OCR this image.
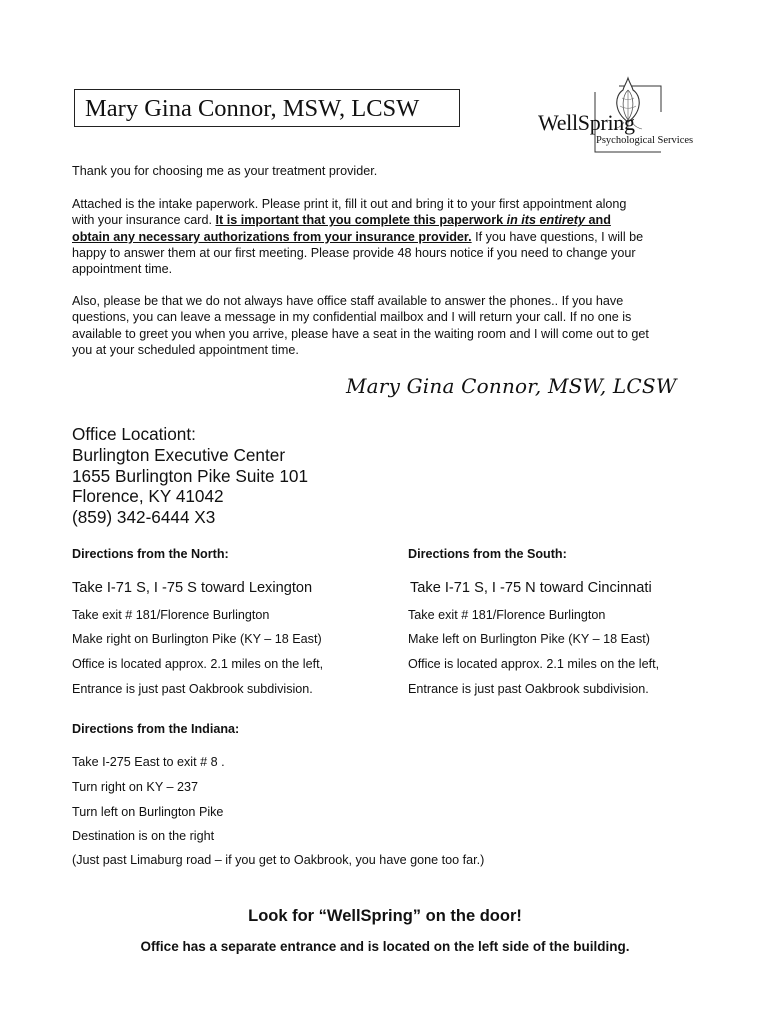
Mary Gina Connor, MSW, LCSW
WellSpring
Psychological Services
Thank you for choosing me as your treatment provider.
Attached is the intake paperwork. Please print it, fill it out and bring it to your first appointment along
with your insurance card. It is important that you complete this paperwork in its entirety and
obtain any necessary authorizations from your insurance provider. If you have questions, I will be
happy to answer them at our first meeting. Please provide 48 hours notice if you need to change your
appointment time.
Also, please be that we do not always have office staff available to answer the phones.. If you have
questions, you can leave a message in my confidential mailbox and I will return your call. If no one is
available to greet you when you arrive, please have a seat in the waiting room and I will come out to get
you at your scheduled appointment time.
Mary Gina Connor, MSW, LCSW
Office Locationt:
Burlington Executive Center
1655 Burlington Pike Suite 101
Florence, KY 41042
(859) 342-6444 X3
Directions from the North:
Take I-71 S, I -75 S toward Lexington
Take exit # 181/Florence Burlington
Make right on Burlington Pike (KY – 18 East)
Office is located approx. 2.1 miles on the left,
Entrance is just past Oakbrook subdivision.
Directions from the South:
Take I-71 S, I -75 N toward Cincinnati
Take exit # 181/Florence Burlington
Make left on Burlington Pike (KY – 18 East)
Office is located approx. 2.1 miles on the left,
Entrance is just past Oakbrook subdivision.
Directions from the Indiana:
Take I-275 East to exit # 8 .
Turn right on KY – 237
Turn left on Burlington Pike
Destination is on the right
(Just past Limaburg road – if you get to Oakbrook, you have gone too far.)
Look for “WellSpring” on the door!
Office has a separate entrance and is located on the left side of the building.
